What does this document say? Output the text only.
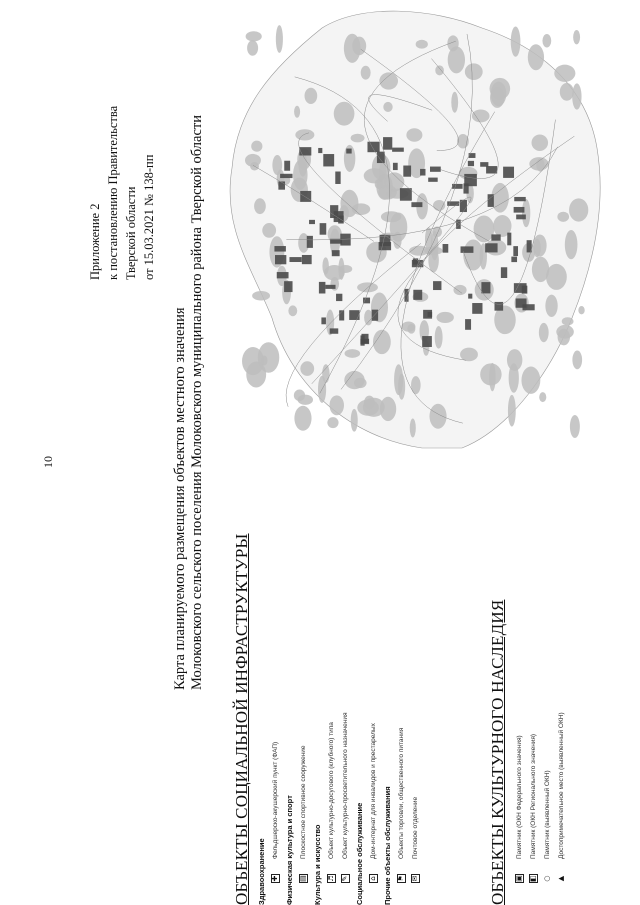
10
Приложение 2 к постановлению Правительства Тверской области от 15.03.2021 № 138-пп
Карта планируемого размещения объектов местного значения Молоковского сельского поселения Молоковского муниципального района Тверской области
ОБЪЕКТЫ СОЦИАЛЬНОЙ ИНФРАСТРУКТУРЫ Здравоохранение ✚
Фельдшерско-акушерский пункт (ФАП) Физическая культура и спорт ▤
Плоскостное спортивное сооружение
Культура и искусство ♬
Объект культурно-досугового (клубного) типа
✎
Объект культурно-просветительного назначения Социальное обслуживание ⌂
Дом-интернат для инвалидов и престарелых Прочие объекты обслуживания ⚑
Объекты торговли, общественного питания
✉
Почтовое отделение	ОБЪЕКТЫ КУЛЬТУРНОГО НАСЛЕДИЯ ▣
Памятник (ОКН Федерального значения)
◧
Памятник (ОКН Регионального значения)
○
Памятник (выявленный ОКН)
▲
Достопримечательное место (выявленный ОКН)
